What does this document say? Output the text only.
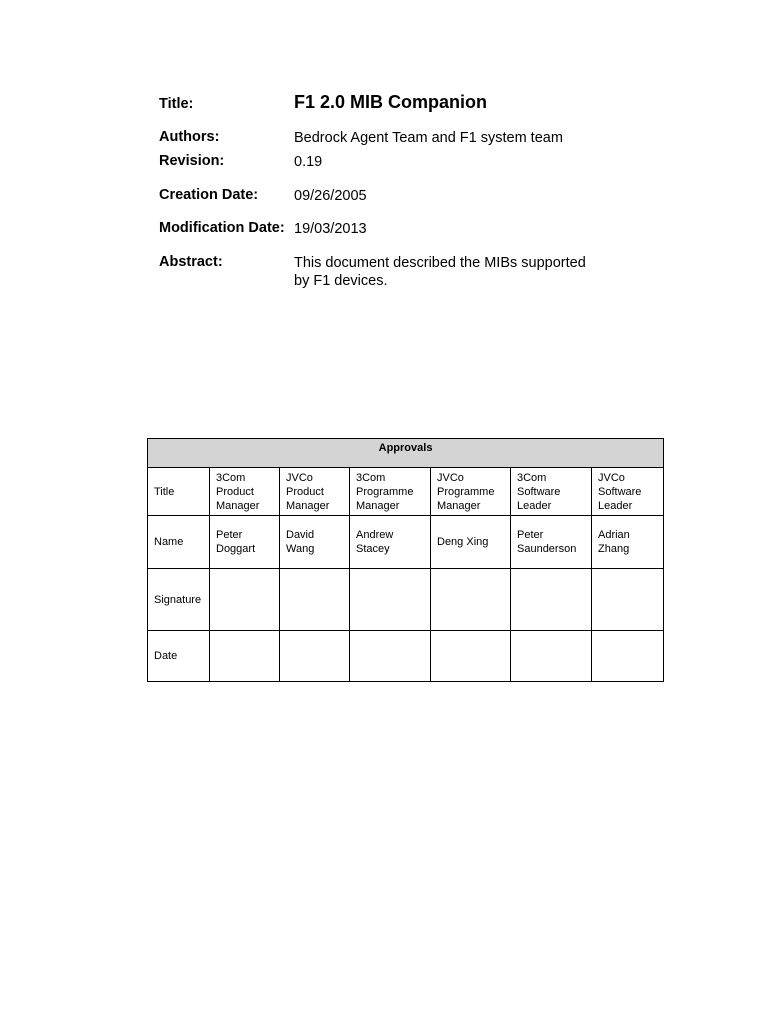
Title:	F1 2.0 MIB Companion
Authors:	Bedrock Agent Team and F1 system team
Revision:	0.19
Creation Date: 09/26/2005
Modification Date: 19/03/2013
Abstract:	This document described the MIBs supported by F1 devices.
Approvals						
Title	3Com Product Manager	JVCo Product Manager	3Com Programme Manager	JVCo Programme Manager	3Com Software Leader	JVCo Software Leader
Name	Peter Doggart	David Wang	Andrew Stacey	Deng Xing	Peter Saunderson	Adrian Zhang
Signature						
Date						
